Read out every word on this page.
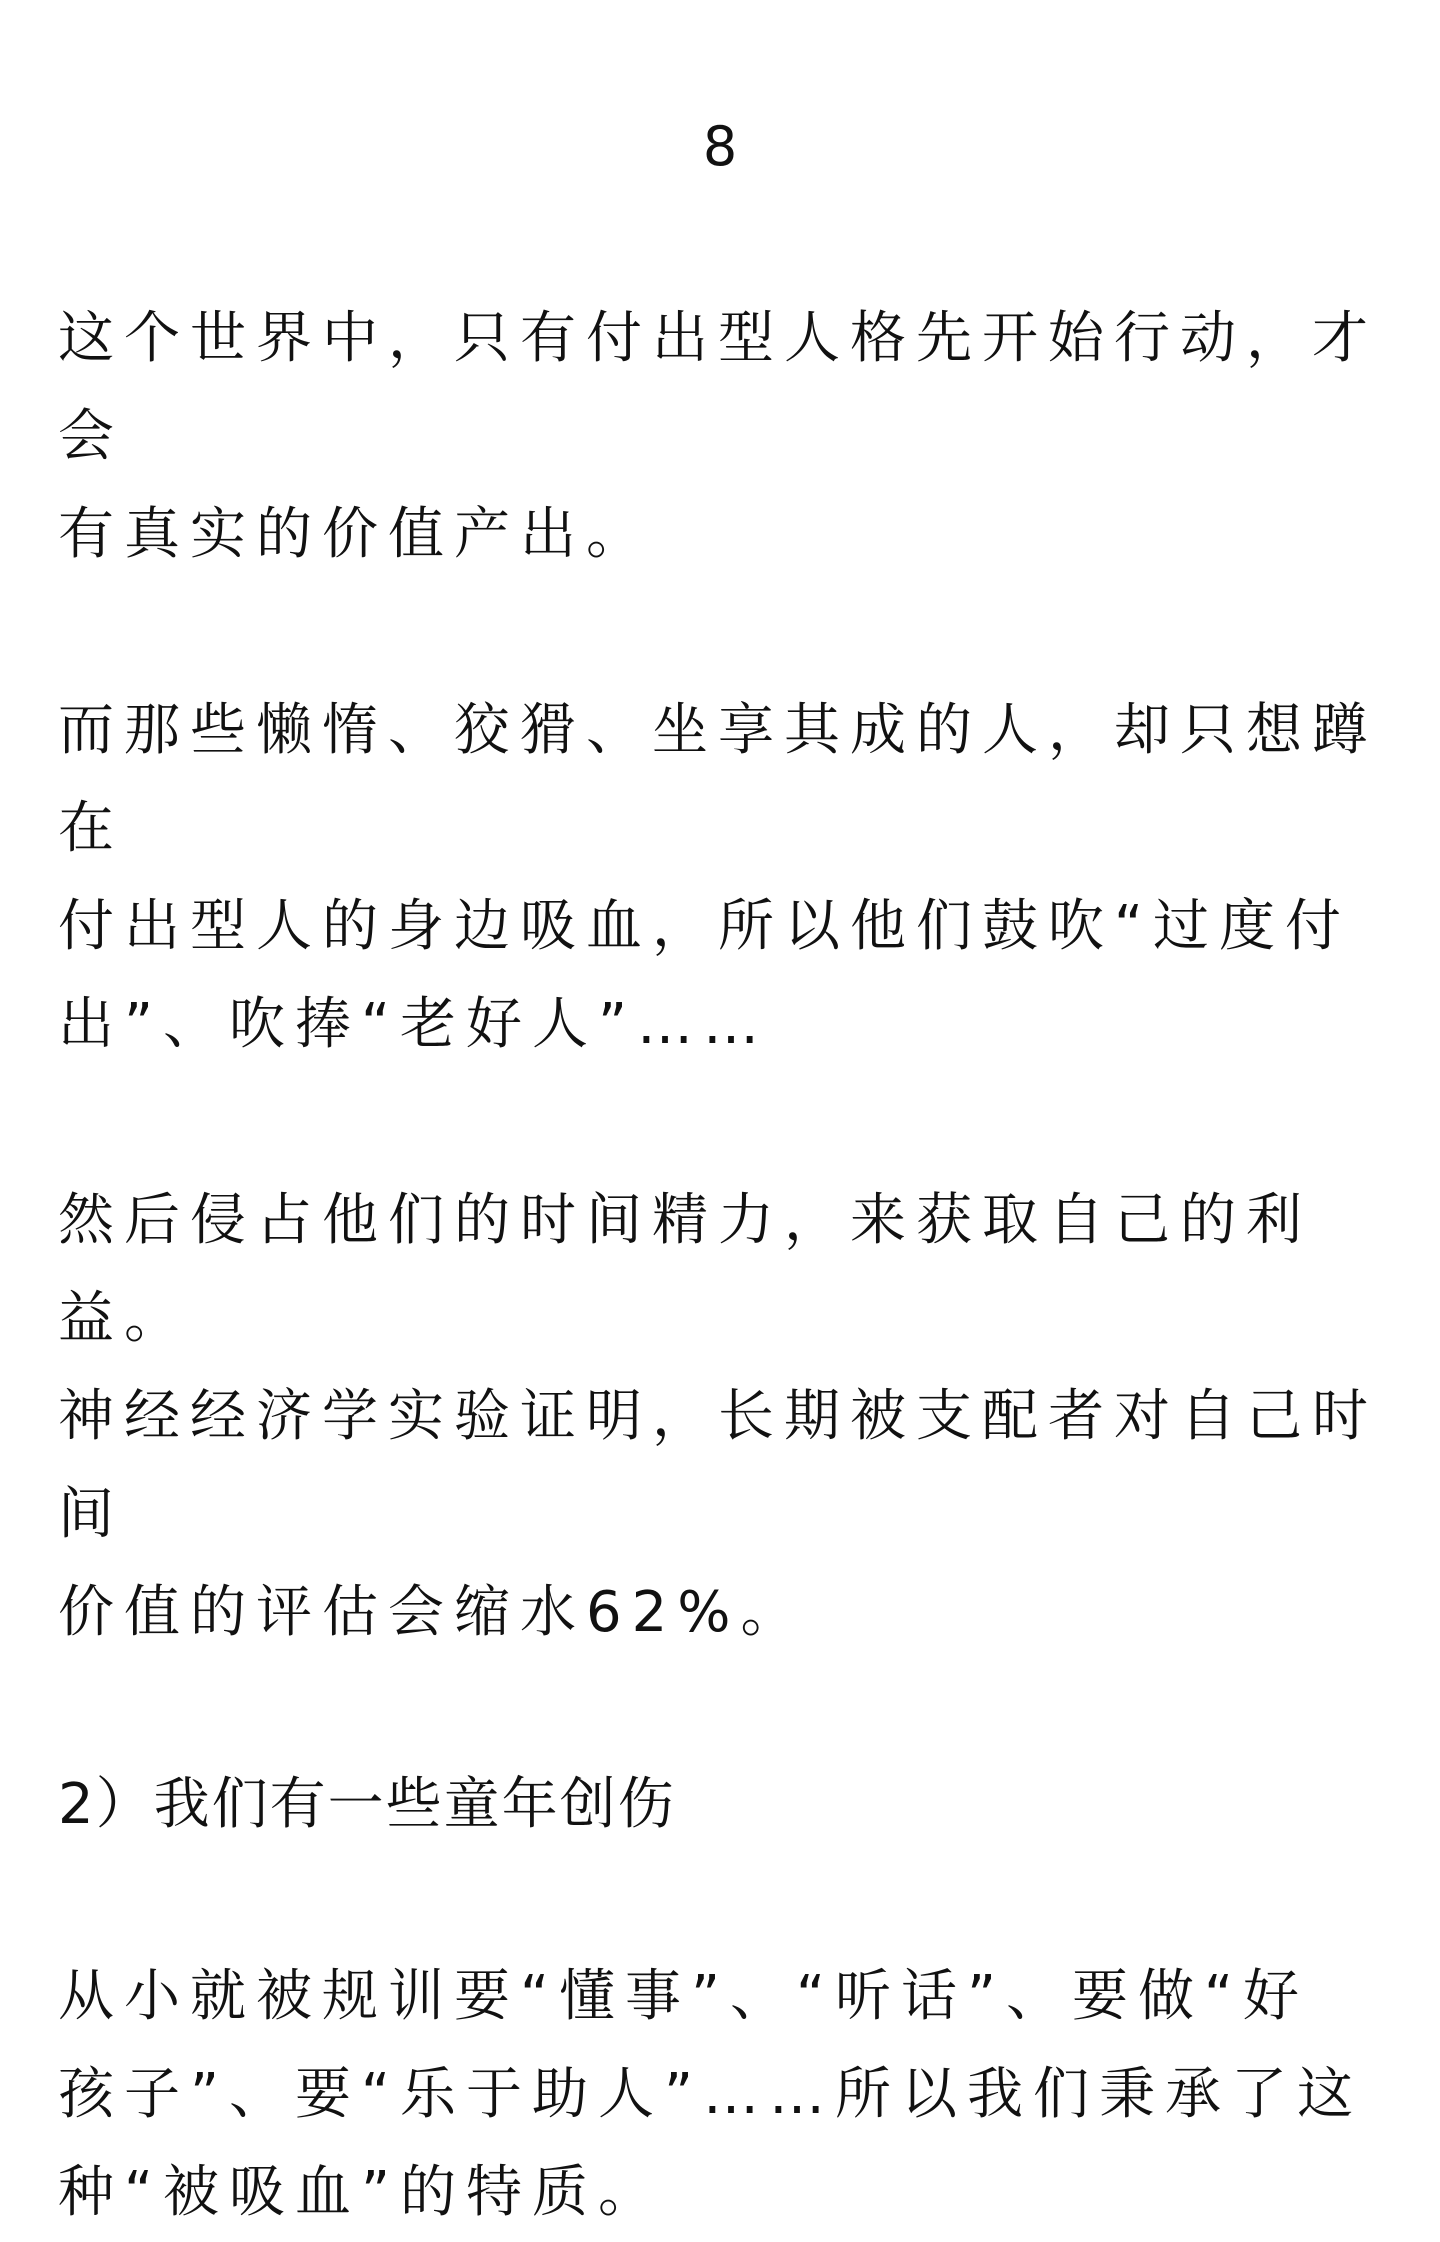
8
这个世界中，只有付出型人格先开始行动，才会
有真实的价值产出。
而那些懒惰、狡猾、坐享其成的人，却只想蹲在
付出型人的身边吸血，所以他们鼓吹“过度付
出”、吹捧“老好人”……
然后侵占他们的时间精力，来获取自己的利益。
神经经济学实验证明，长期被支配者对自己时间
价值的评估会缩水62%。
2）我们有一些童年创伤
从小就被规训要“懂事”、“听话”、要做“好
孩子”、要“乐于助人”……所以我们秉承了这
种“被吸血”的特质。
